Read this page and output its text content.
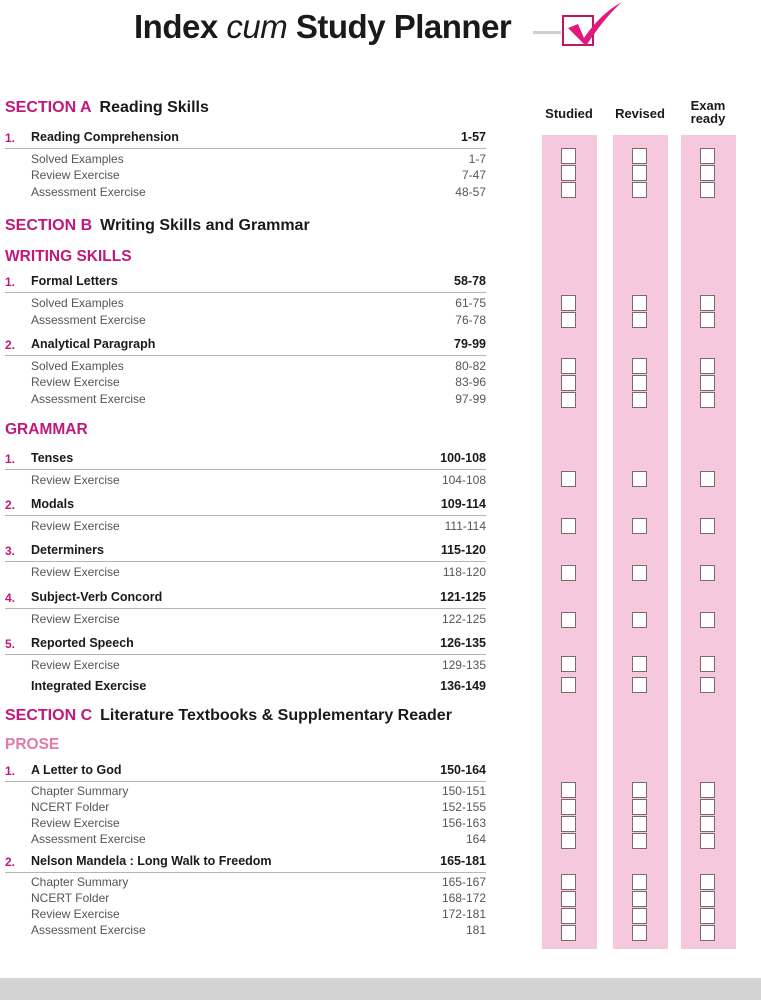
Index cum Study Planner
Studied	Revised
Exam
ready
SECTION A Reading Skills
1. Reading Comprehension	1-57
Solved Examples	1-7
Review Exercise	7-47
Assessment Exercise	48-57
SECTION B Writing Skills and Grammar
WRITING SKILLS
1. Formal Letters	58-78
Solved Examples	61-75
Assessment Exercise	76-78
2. Analytical Paragraph	79-99
Solved Examples	80-82
Review Exercise	83-96
Assessment Exercise	97-99
GRAMMAR
1. Tenses	100-108
Review Exercise	104-108
2. Modals	109-114
Review Exercise	111-114
3. Determiners	115-120
Review Exercise	118-120
4. Subject-Verb Concord	121-125
Review Exercise	122-125
5. Reported Speech	126-135
Review Exercise	129-135
Integrated Exercise	136-149
SECTION C Literature Textbooks & Supplementary Reader
PROSE
1. A Letter to God	150-164
Chapter Summary	150-151
NCERT Folder	152-155
Review Exercise	156-163
Assessment Exercise	164
2. Nelson Mandela : Long Walk to Freedom	165-181
Chapter Summary	165-167
NCERT Folder	168-172
Review Exercise	172-181
Assessment Exercise	181
